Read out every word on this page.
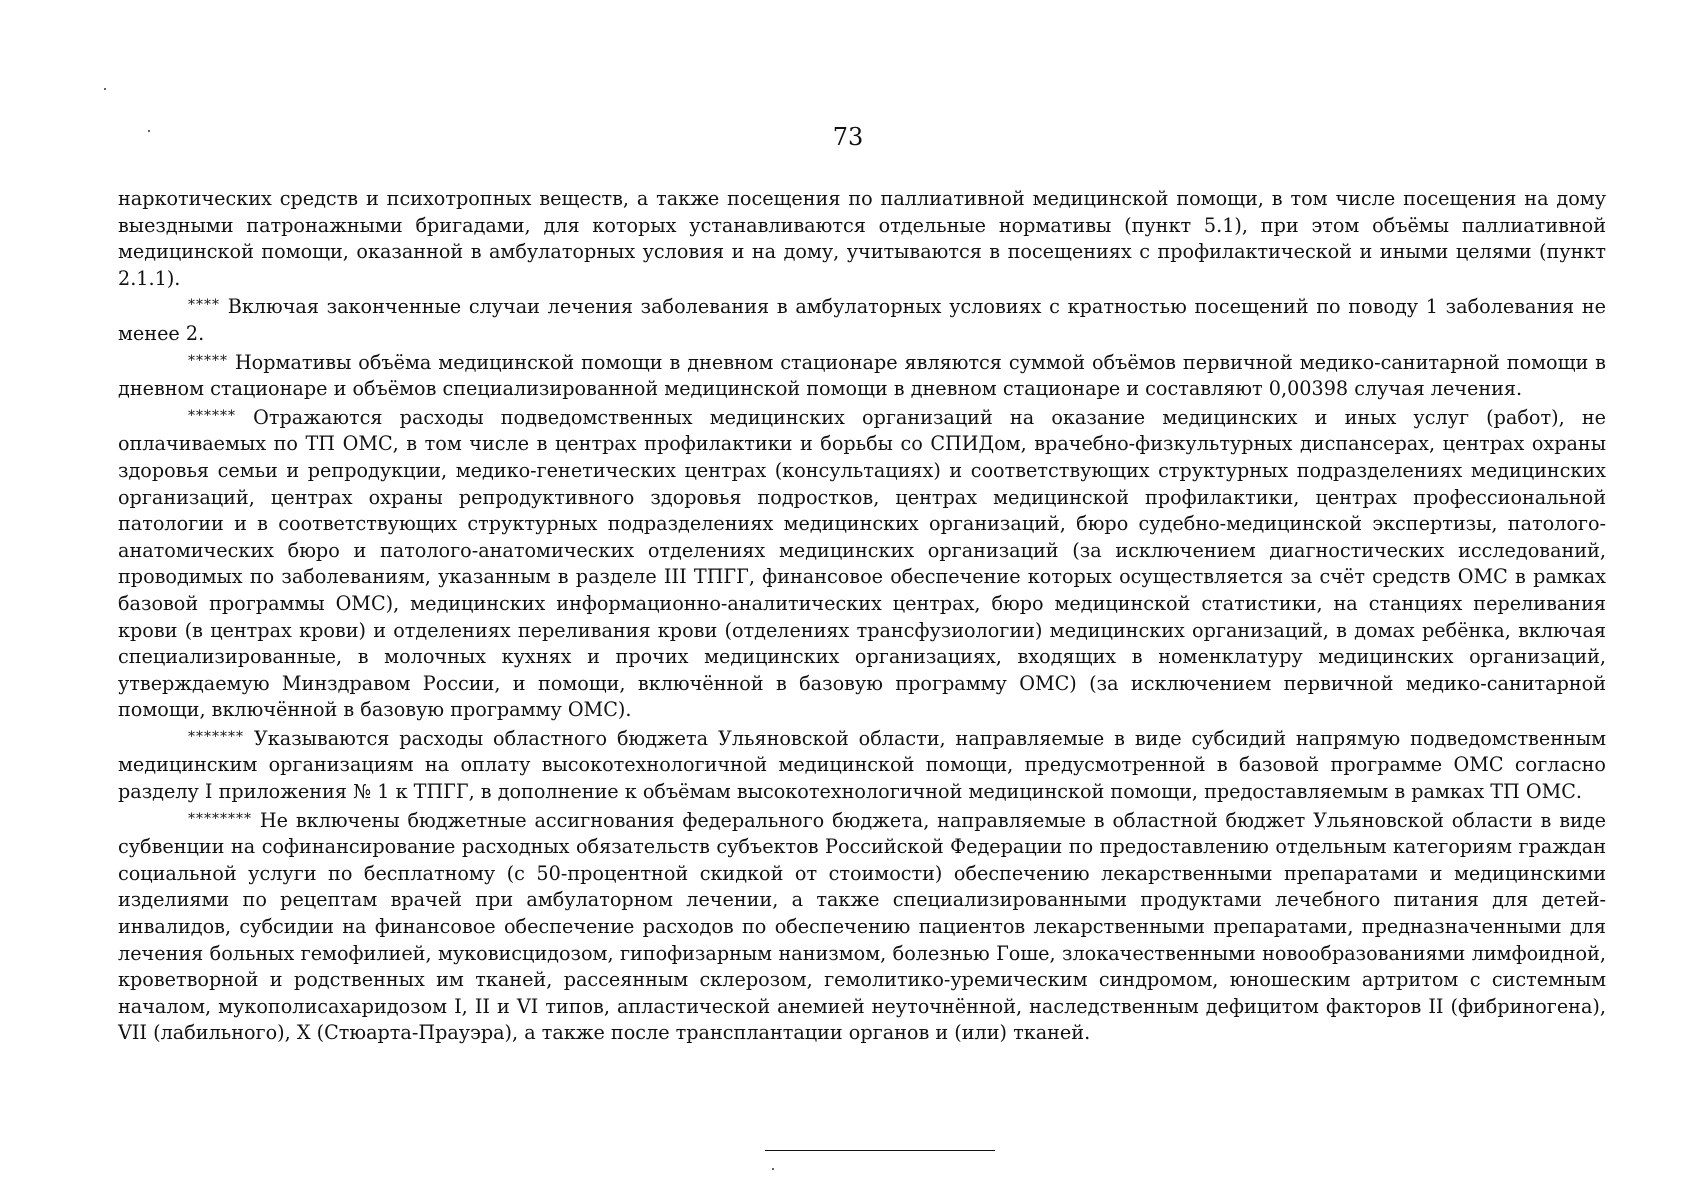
73

наркотических средств и психотропных веществ, а также посещения по паллиативной медицинской помощи, в том числе посещения на дому выездными патронажными бригадами, для которых устанавливаются отдельные нормативы (пункт 5.1), при этом объёмы паллиативной медицинской помощи, оказанной в амбулаторных условия и на дому, учитываются в посещениях с профилактической и иными целями (пункт 2.1.1).

**** Включая законченные случаи лечения заболевания в амбулаторных условиях с кратностью посещений по поводу 1 заболевания не менее 2.

***** Нормативы объёма медицинской помощи в дневном стационаре являются суммой объёмов первичной медико-санитарной помощи в дневном стационаре и объёмов специализированной медицинской помощи в дневном стационаре и составляют 0,00398 случая лечения.

****** Отражаются расходы подведомственных медицинских организаций на оказание медицинских и иных услуг (работ), не оплачиваемых по ТП ОМС, в том числе в центрах профилактики и борьбы со СПИДом, врачебно-физкультурных диспансерах, центрах охраны здоровья семьи и репродукции, медико-генетических центрах (консультациях) и соответствующих структурных подразделениях медицинских организаций, центрах охраны репродуктивного здоровья подростков, центрах медицинской профилактики, центрах профессиональной патологии и в соответствующих структурных подразделениях медицинских организаций, бюро судебно-медицинской экспертизы, патолого-анатомических бюро и патолого-анатомических отделениях медицинских организаций (за исключением диагностических исследований, проводимых по заболеваниям, указанным в разделе III ТПГГ, финансовое обеспечение которых осуществляется за счёт средств ОМС в рамках базовой программы ОМС), медицинских информационно-аналитических центрах, бюро медицинской статистики, на станциях переливания крови (в центрах крови) и отделениях переливания крови (отделениях трансфузиологии) медицинских организаций, в домах ребёнка, включая специализированные, в молочных кухнях и прочих медицинских организациях, входящих в номенклатуру медицинских организаций, утверждаемую Минздравом России, и помощи, включённой в базовую программу ОМС) (за исключением первичной медико-санитарной помощи, включённой в базовую программу ОМС).

******* Указываются расходы областного бюджета Ульяновской области, направляемые в виде субсидий напрямую подведомственным медицинским организациям на оплату высокотехнологичной медицинской помощи, предусмотренной в базовой программе ОМС согласно разделу I приложения № 1 к ТПГГ, в дополнение к объёмам высокотехнологичной медицинской помощи, предоставляемым в рамках ТП ОМС.

******** Не включены бюджетные ассигнования федерального бюджета, направляемые в областной бюджет Ульяновской области в виде субвенции на софинансирование расходных обязательств субъектов Российской Федерации по предоставлению отдельным категориям граждан социальной услуги по бесплатному (с 50-процентной скидкой от стоимости) обеспечению лекарственными препаратами и медицинскими изделиями по рецептам врачей при амбулаторном лечении, а также специализированными продуктами лечебного питания для детей-инвалидов, субсидии на финансовое обеспечение расходов по обеспечению пациентов лекарственными препаратами, предназначенными для лечения больных гемофилией, муковисцидозом, гипофизарным нанизмом, болезнью Гоше, злокачественными новообразованиями лимфоидной, кроветворной и родственных им тканей, рассеянным склерозом, гемолитико-уремическим синдромом, юношеским артритом с системным началом, мукополисахаридозом I, II и VI типов, апластической анемией неуточнённой, наследственным дефицитом факторов II (фибриногена), VII (лабильного), X (Стюарта-Прауэра), а также после трансплантации органов и (или) тканей.
